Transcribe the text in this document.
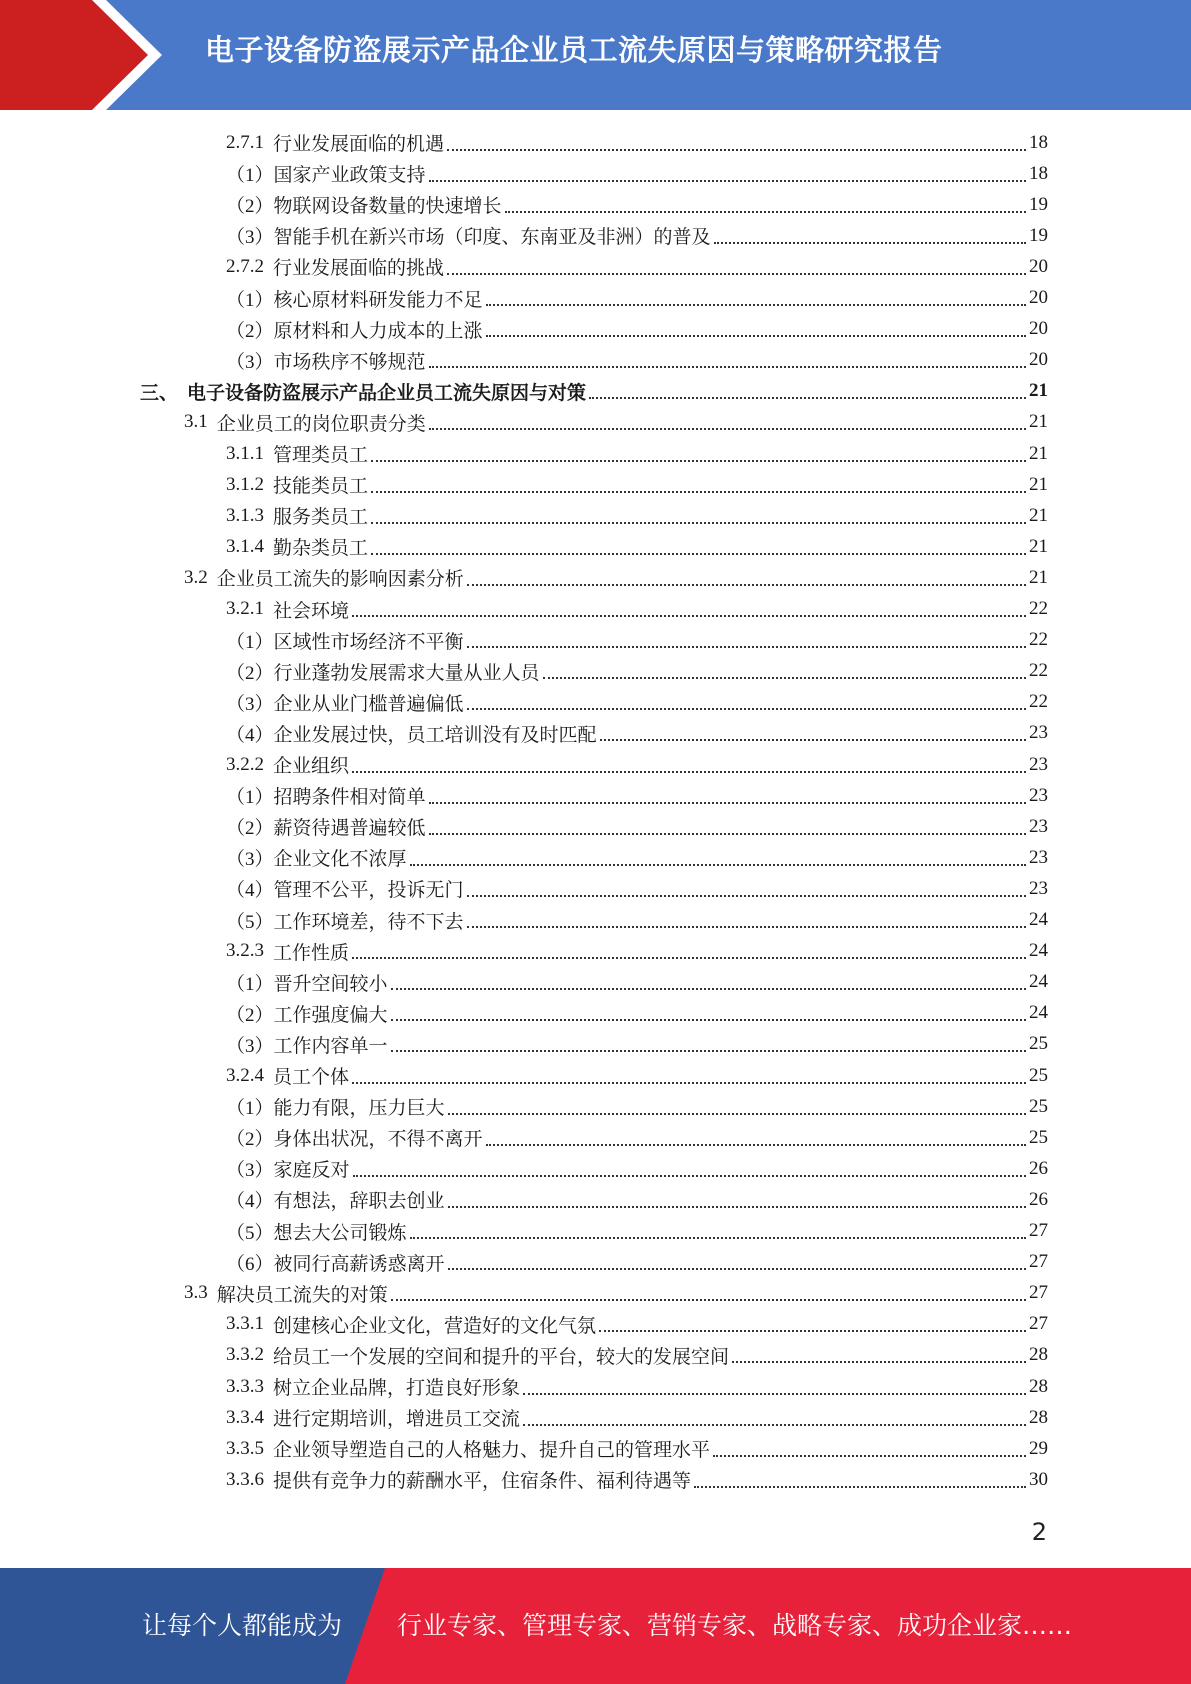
电子设备防盗展示产品企业员工流失原因与策略研究报告
2.7.1 行业发展面临的机遇	18
（1） 国家产业政策支持	18
（2） 物联网设备数量的快速增长	19
（3） 智能手机在新兴市场（印度、东南亚及非洲）的普及	19
2.7.2 行业发展面临的挑战	20
（1） 核心原材料研发能力不足	20
（2） 原材料和人力成本的上涨	20
（3） 市场秩序不够规范	20
三、 电子设备防盗展示产品企业员工流失原因与对策	21
3.1 企业员工的岗位职责分类	21
3.1.1 管理类员工	21
3.1.2 技能类员工	21
3.1.3 服务类员工	21
3.1.4 勤杂类员工	21
3.2 企业员工流失的影响因素分析	21
3.2.1 社会环境	22
（1） 区域性市场经济不平衡	22
（2） 行业蓬勃发展需求大量从业人员	22
（3） 企业从业门槛普遍偏低	22
（4） 企业发展过快，员工培训没有及时匹配	23
3.2.2 企业组织	23
（1） 招聘条件相对简单	23
（2） 薪资待遇普遍较低	23
（3） 企业文化不浓厚	23
（4） 管理不公平，投诉无门	23
（5） 工作环境差，待不下去	24
3.2.3 工作性质	24
（1） 晋升空间较小	24
（2） 工作强度偏大	24
（3） 工作内容单一	25
3.2.4 员工个体	25
（1） 能力有限，压力巨大	25
（2） 身体出状况，不得不离开	25
（3） 家庭反对	26
（4） 有想法，辞职去创业	26
（5） 想去大公司锻炼	27
（6） 被同行高薪诱惑离开	27
3.3 解决员工流失的对策	27
3.3.1 创建核心企业文化，营造好的文化气氛	27
3.3.2 给员工一个发展的空间和提升的平台，较大的发展空间	28
3.3.3 树立企业品牌，打造良好形象	28
3.3.4 进行定期培训，增进员工交流	28
3.3.5 企业领导塑造自己的人格魅力、提升自己的管理水平	29
3.3.6 提供有竞争力的薪酬水平，住宿条件、福利待遇等	30
2
让每个人都能成为 行业专家、管理专家、营销专家、战略专家、成功企业家……
